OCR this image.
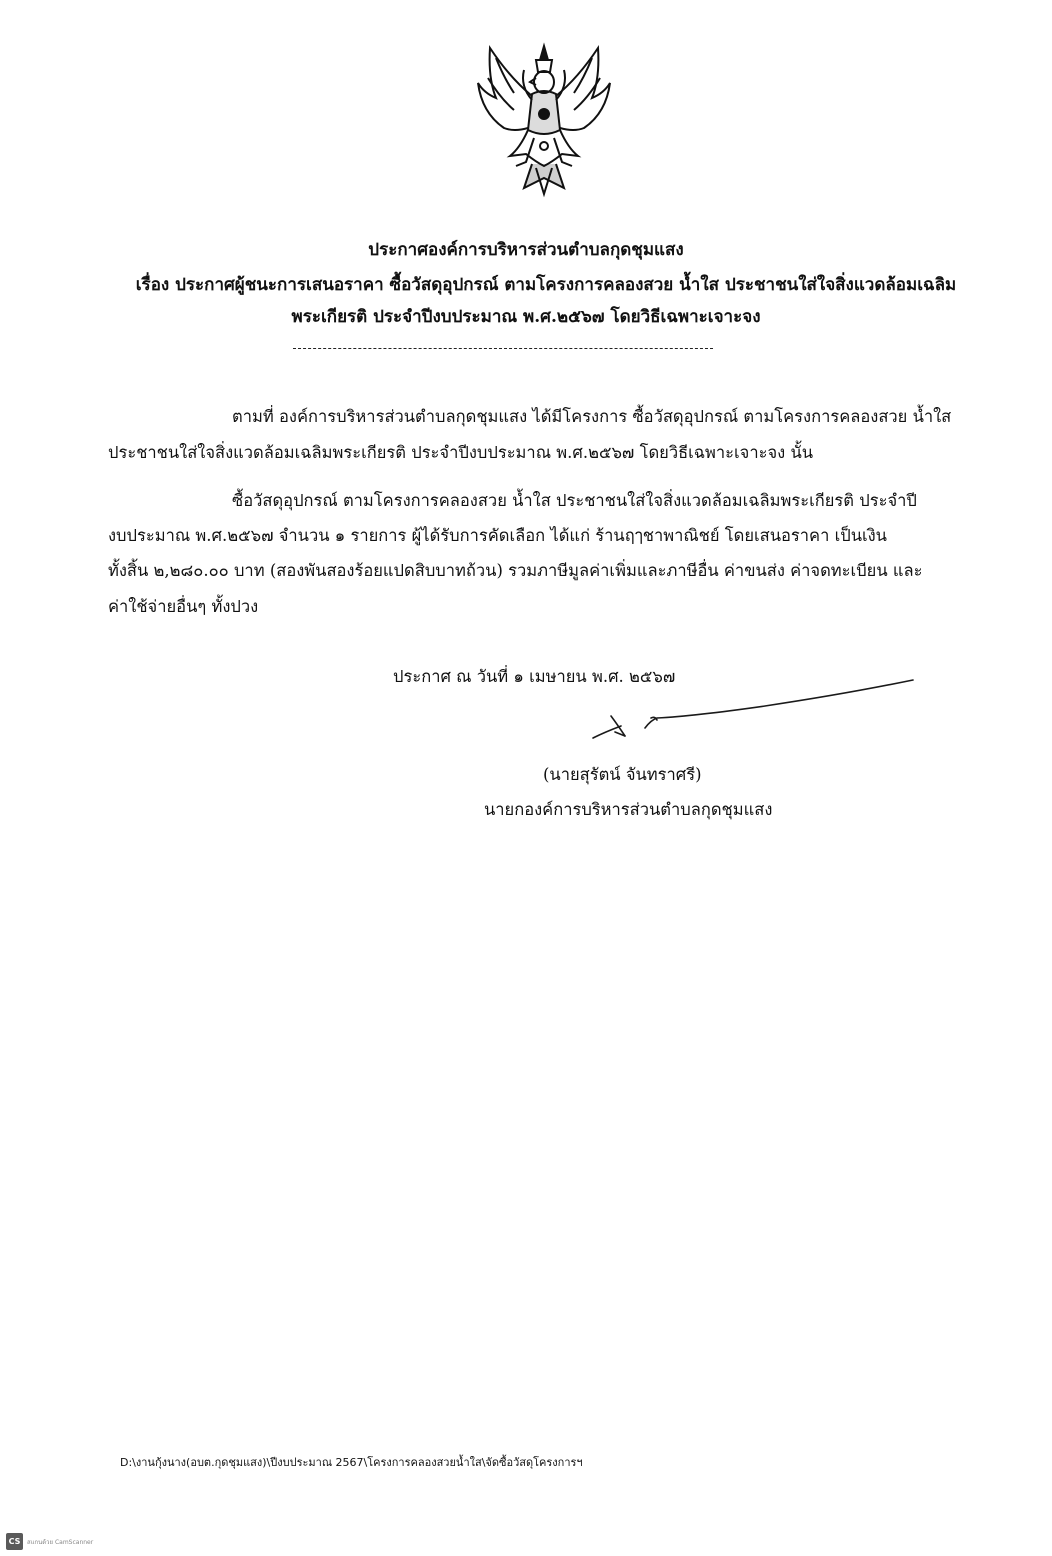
ประกาศองค์การบริหารส่วนตำบลกุดชุมแสง
เรื่อง ประกาศผู้ชนะการเสนอราคา ซื้อวัสดุอุปกรณ์ ตามโครงการคลองสวย น้ำใส ประชาชนใส่ใจสิ่งแวดล้อมเฉลิม
พระเกียรติ ประจำปีงบประมาณ พ.ศ.๒๕๖๗ โดยวิธีเฉพาะเจาะจง
ตามที่ องค์การบริหารส่วนตำบลกุดชุมแสง ได้มีโครงการ ซื้อวัสดุอุปกรณ์ ตามโครงการคลองสวย น้ำใส
ประชาชนใส่ใจสิ่งแวดล้อมเฉลิมพระเกียรติ ประจำปีงบประมาณ พ.ศ.๒๕๖๗ โดยวิธีเฉพาะเจาะจง นั้น
ซื้อวัสดุอุปกรณ์ ตามโครงการคลองสวย น้ำใส ประชาชนใส่ใจสิ่งแวดล้อมเฉลิมพระเกียรติ ประจำปี
งบประมาณ พ.ศ.๒๕๖๗ จำนวน ๑ รายการ ผู้ได้รับการคัดเลือก ได้แก่ ร้านฤๅชาพาณิชย์ โดยเสนอราคา เป็นเงิน
ทั้งสิ้น ๒,๒๘๐.๐๐ บาท (สองพันสองร้อยแปดสิบบาทถ้วน) รวมภาษีมูลค่าเพิ่มและภาษีอื่น ค่าขนส่ง ค่าจดทะเบียน และ
ค่าใช้จ่ายอื่นๆ ทั้งปวง
ประกาศ ณ วันที่ ๑ เมษายน พ.ศ. ๒๕๖๗
(นายสุรัตน์ จันทราศรี)
นายกองค์การบริหารส่วนตำบลกุดชุมแสง
D:\งานกุ้งนาง(อบต.กุดชุมแสง)\ปีงบประมาณ 2567\โครงการคลองสวยน้ำใส\จัดซื้อวัสดุโครงการฯ
CS	สแกนด้วย CamScanner
